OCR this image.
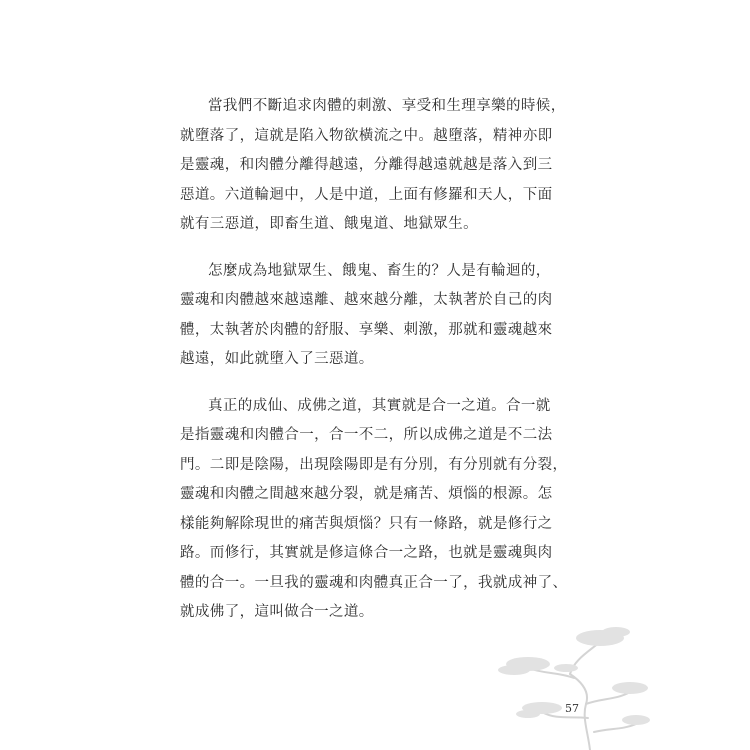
當我們不斷追求肉體的刺激、享受和生理享樂的時候，
就墮落了，這就是陷入物欲橫流之中。越墮落，精神亦即
是靈魂，和肉體分離得越遠，分離得越遠就越是落入到三
惡道。六道輪迴中，人是中道，上面有修羅和天人，下面
就有三惡道，即畜生道、餓鬼道、地獄眾生。

怎麼成為地獄眾生、餓鬼、畜生的？人是有輪迴的，
靈魂和肉體越來越遠離、越來越分離，太執著於自己的肉
體，太執著於肉體的舒服、享樂、刺激，那就和靈魂越來
越遠，如此就墮入了三惡道。

真正的成仙、成佛之道，其實就是合一之道。合一就
是指靈魂和肉體合一，合一不二，所以成佛之道是不二法
門。二即是陰陽，出現陰陽即是有分別，有分別就有分裂，
靈魂和肉體之間越來越分裂，就是痛苦、煩惱的根源。怎
樣能夠解除現世的痛苦與煩惱？只有一條路，就是修行之
路。而修行，其實就是修這條合一之路，也就是靈魂與肉
體的合一。一旦我的靈魂和肉體真正合一了，我就成神了、
就成佛了，這叫做合一之道。

57
